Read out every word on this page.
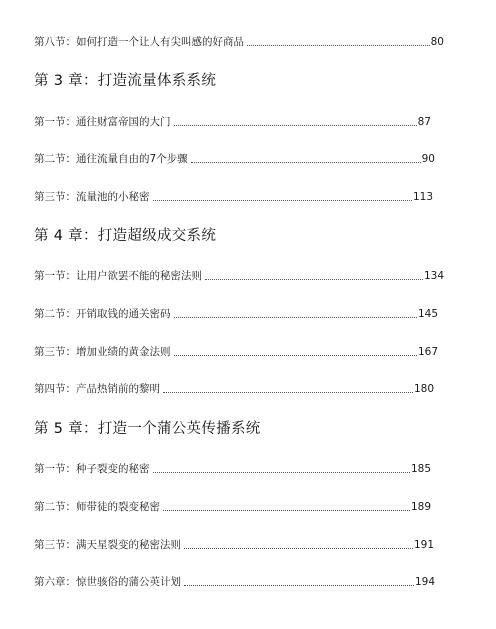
第八节：如何打造一个让人有尖叫感的好商品	80
第 3 章：打造流量体系系统
第一节：通往财富帝国的大门	87
第二节：通往流量自由的7个步骤	90
第三节：流量池的小秘密	113
第 4 章：打造超级成交系统
第一节：让用户欲罢不能的秘密法则	134
第二节：开销取钱的通关密码	145
第三节：增加业绩的黄金法则	167
第四节：产品热销前的黎明	180
第 5 章：打造一个蒲公英传播系统
第一节：种子裂变的秘密	185
第二节：师带徒的裂变秘密	189
第三节：满天星裂变的秘密法则	191
第六章：惊世骇俗的蒲公英计划	194
